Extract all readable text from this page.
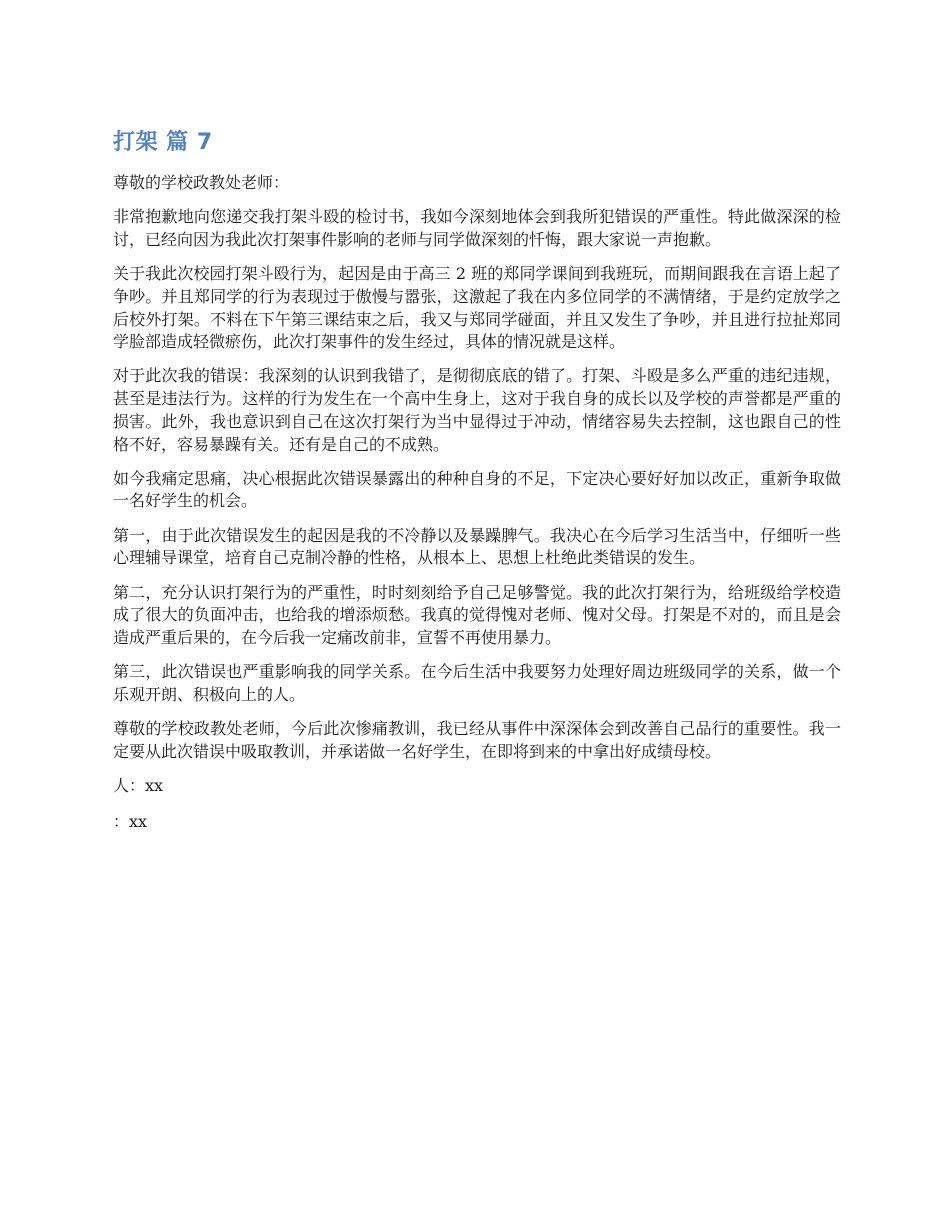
打架 篇 7

尊敬的学校政教处老师：

非常抱歉地向您递交我打架斗殴的检讨书，我如今深刻地体会到我所犯错误的严重性。特此做深深的检讨，已经向因为我此次打架事件影响的老师与同学做深刻的忏悔，跟大家说一声抱歉。

关于我此次校园打架斗殴行为，起因是由于高三 2 班的郑同学课间到我班玩，而期间跟我在言语上起了争吵。并且郑同学的行为表现过于傲慢与嚣张，这激起了我在内多位同学的不满情绪，于是约定放学之后校外打架。不料在下午第三课结束之后，我又与郑同学碰面，并且又发生了争吵，并且进行拉扯郑同学脸部造成轻微瘀伤，此次打架事件的发生经过，具体的情况就是这样。

对于此次我的错误：我深刻的认识到我错了，是彻彻底底的错了。打架、斗殴是多么严重的违纪违规，甚至是违法行为。这样的行为发生在一个高中生身上，这对于我自身的成长以及学校的声誉都是严重的损害。此外，我也意识到自己在这次打架行为当中显得过于冲动，情绪容易失去控制，这也跟自己的性格不好，容易暴躁有关。还有是自己的不成熟。

如今我痛定思痛，决心根据此次错误暴露出的种种自身的不足，下定决心要好好加以改正，重新争取做一名好学生的机会。

第一，由于此次错误发生的起因是我的不冷静以及暴躁脾气。我决心在今后学习生活当中，仔细听一些心理辅导课堂，培育自己克制冷静的性格，从根本上、思想上杜绝此类错误的发生。

第二，充分认识打架行为的严重性，时时刻刻给予自己足够警觉。我的此次打架行为，给班级给学校造成了很大的负面冲击，也给我的增添烦愁。我真的觉得愧对老师、愧对父母。打架是不对的，而且是会造成严重后果的，在今后我一定痛改前非，宣誓不再使用暴力。

第三，此次错误也严重影响我的同学关系。在今后生活中我要努力处理好周边班级同学的关系，做一个乐观开朗、积极向上的人。

尊敬的学校政教处老师，今后此次惨痛教训，我已经从事件中深深体会到改善自己品行的重要性。我一定要从此次错误中吸取教训，并承诺做一名好学生，在即将到来的中拿出好成绩母校。

人：xx

：xx
